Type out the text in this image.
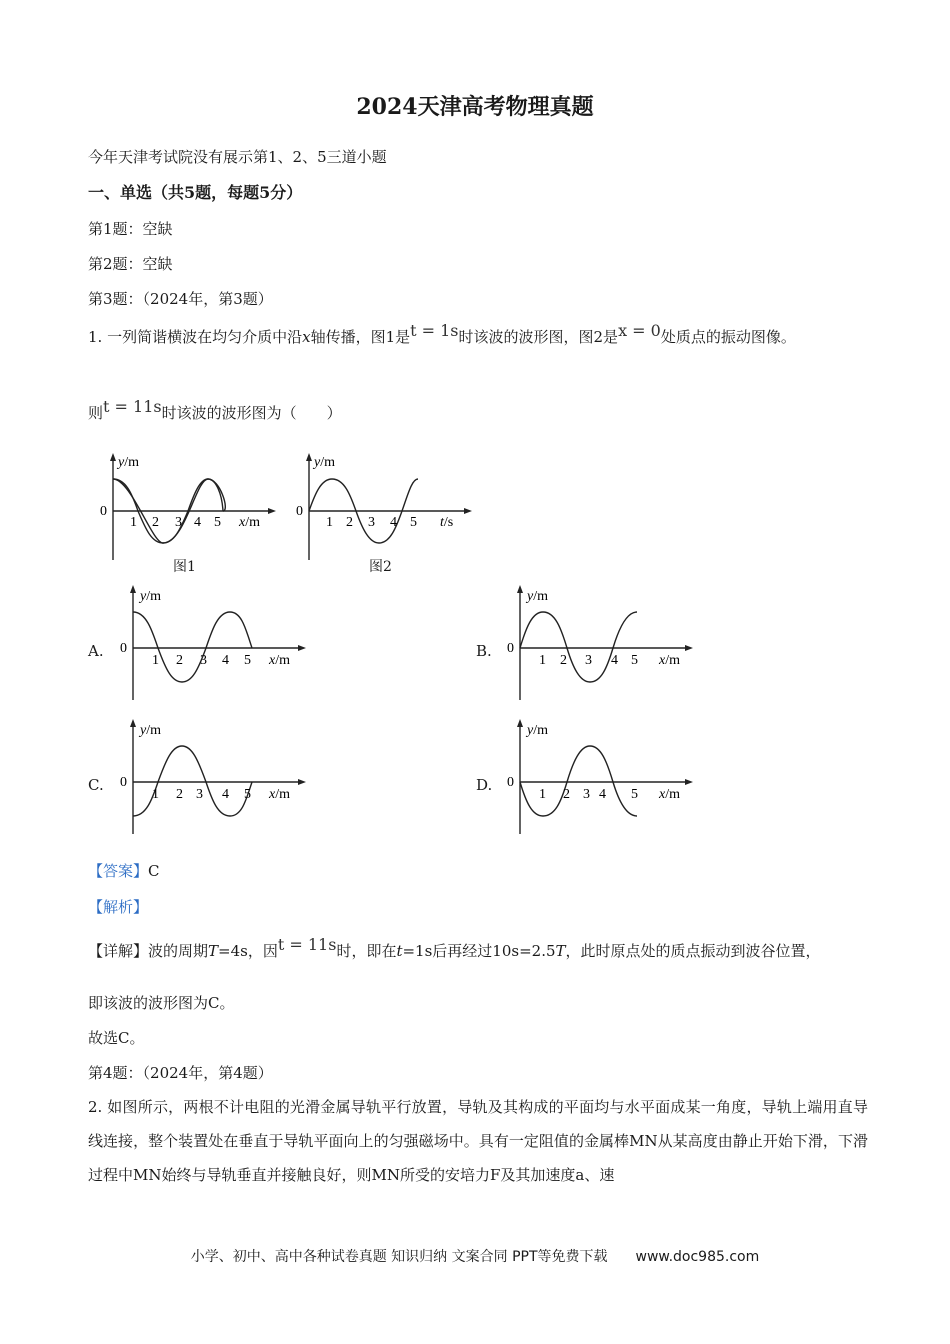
2024天津高考物理真题
今年天津考试院没有展示第1、2、5三道小题
一、单选（共5题，每题5分）
第1题：空缺
第2题：空缺
第3题：（2024年，第3题）
1. 一列简谐横波在均匀介质中沿x轴传播，图1是t = 1s时该波的波形图，图2是x = 0处质点的振动图像。
则t = 11s时该波的波形图为（　　）
y/m
0
1 2 3 4 5 x/m
图1
y/m
0
1 2 3 4 5 t/s
图2
A.
y/m
0
1 2 3 4 5 x/m
B.
y/m
0
1 2 3 4 5 x/m
C.
y/m
0
1 2 3 4 5 x/m
D.
y/m
0
1 2 3 4 5 x/m
【答案】C
【解析】
【详解】波的周期T=4s，因t = 11s时，即在t=1s后再经过10s=2.5T，此时原点处的质点振动到波谷位置，
即该波的波形图为C。
故选C。
第4题：（2024年，第4题）
2. 如图所示，两根不计电阻的光滑金属导轨平行放置，导轨及其构成的平面均与水平面成某一角度，导轨上端用直导线连接，整个装置处在垂直于导轨平面向上的匀强磁场中。具有一定阻值的金属棒MN从某高度由静止开始下滑，下滑过程中MN始终与导轨垂直并接触良好，则MN所受的安培力F及其加速度a、速
小学、初中、高中各种试卷真题 知识归纳 文案合同 PPT等免费下载　　www.doc985.com
